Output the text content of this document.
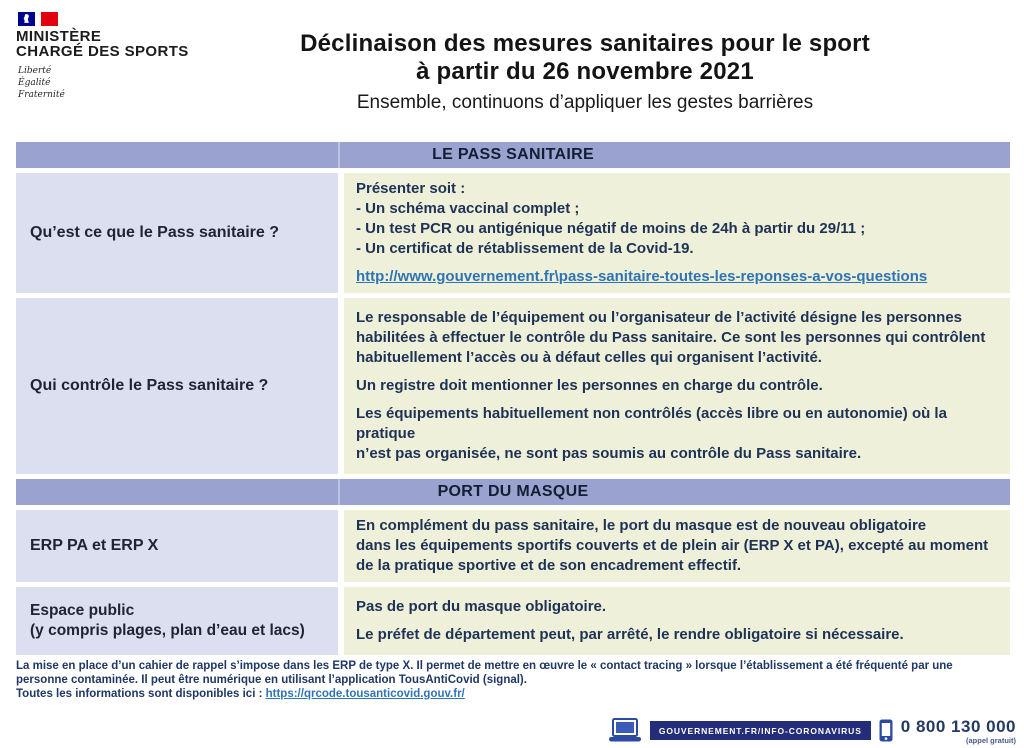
MINISTÈRE
CHARGÉ DES SPORTS
Liberté
Égalité
Fraternité
Déclinaison des mesures sanitaires pour le sport
à partir du 26 novembre 2021
Ensemble, continuons d’appliquer les gestes barrières
LE PASS SANITAIRE
Qu’est ce que le Pass sanitaire ?
Présenter soit :
- Un schéma vaccinal complet ;
- Un test PCR ou antigénique négatif de moins de 24h à partir du 29/11 ;
- Un certificat de rétablissement de la Covid-19.
http://www.gouvernement.fr\pass-sanitaire-toutes-les-reponses-a-vos-questions
Qui contrôle le Pass sanitaire ?

Le responsable de l’équipement ou l’organisateur de l’activité désigne les personnes
habilitées à effectuer le contrôle du Pass sanitaire. Ce sont les personnes qui contrôlent
habituellement l’accès ou à défaut celles qui organisent l’activité.

Un registre doit mentionner les personnes en charge du contrôle.

Les équipements habituellement non contrôlés (accès libre ou en autonomie) où la pratique
n’est pas organisée, ne sont pas soumis au contrôle du Pass sanitaire.

PORT DU MASQUE
ERP PA et ERP X
En complément du pass sanitaire, le port du masque est de nouveau obligatoire
dans les équipements sportifs couverts et de plein air (ERP X et PA), excepté au moment
de la pratique sportive et de son encadrement effectif.
Espace public
(y compris plages, plan d’eau et lacs)

Pas de port du masque obligatoire.

Le préfet de département peut, par arrêté, le rendre obligatoire si nécessaire.

La mise en place d’un cahier de rappel s’impose dans les ERP de type X. Il permet de mettre en œuvre le « contact tracing » lorsque l’établissement a été fréquenté par une
personne contaminée. Il peut être numérique en utilisant l’application TousAntiCovid (signal).

Toutes les informations sont disponibles ici : https://qrcode.tousanticovid.gouv.fr/

GOUVERNEMENT.FR/INFO-CORONAVIRUS	0 800 130 000
(appel gratuit)
